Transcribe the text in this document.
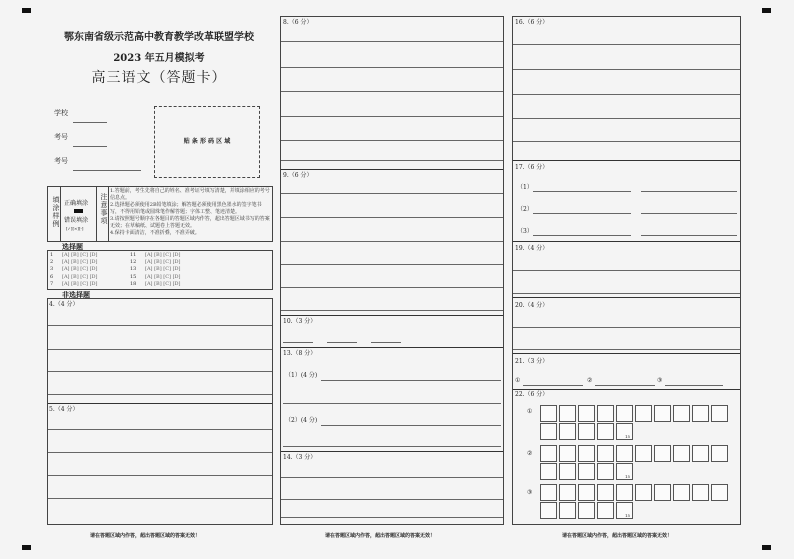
鄂东南省级示范高中教育教学改革联盟学校
2023 年五月模拟考
高三语文（答题卡）
学校
考号
考号
贴 条 形 码 区 域
填涂样例 正确填涂
错误填涂
[✓][×][-]
注意事项
1.答题前，考生先将自己的姓名、准考证号填写清楚，并填涂相应的考号信息点。
2.选择题必须使用2B铅笔填涂；解答题必须使用黑色墨水的签字笔书写，不得用铅笔或圆珠笔作解答题；字体工整、笔迹清楚。
3.请按照题号顺序在各题目的答题区域内作答，超出答题区域书写的答案无效；在草稿纸、试题卷上答题无效。
4.保持卡面清洁，不准折叠，不准弄破。
选择题
1
2
3
6
7
[A] [B] [C] [D]
[A] [B] [C] [D]
[A] [B] [C] [D]
[A] [B] [C] [D]
[A] [B] [C] [D]
11
12
13
15
18
[A] [B] [C] [D]
[A] [B] [C] [D]
[A] [B] [C] [D]
[A] [B] [C] [D]
[A] [B] [C] [D]
非选择题
4.（4 分）
5.（4 分）
请在答题区域内作答，超出答题区域的答案无效！
8.（6 分）
9.（6 分）
10.（3 分）
13.（8 分）
（1）(4 分)
（2）(4 分)
14.（3 分）
请在答题区域内作答，超出答题区域的答案无效！
16.（6 分）
17.（6 分）
（1）
（2）
（3）
19.（4 分）
20.（4 分）
21.（3 分）
①	②	③
22.（6 分）
①
②
③
15
15
15
请在答题区域内作答，超出答题区域的答案无效！
